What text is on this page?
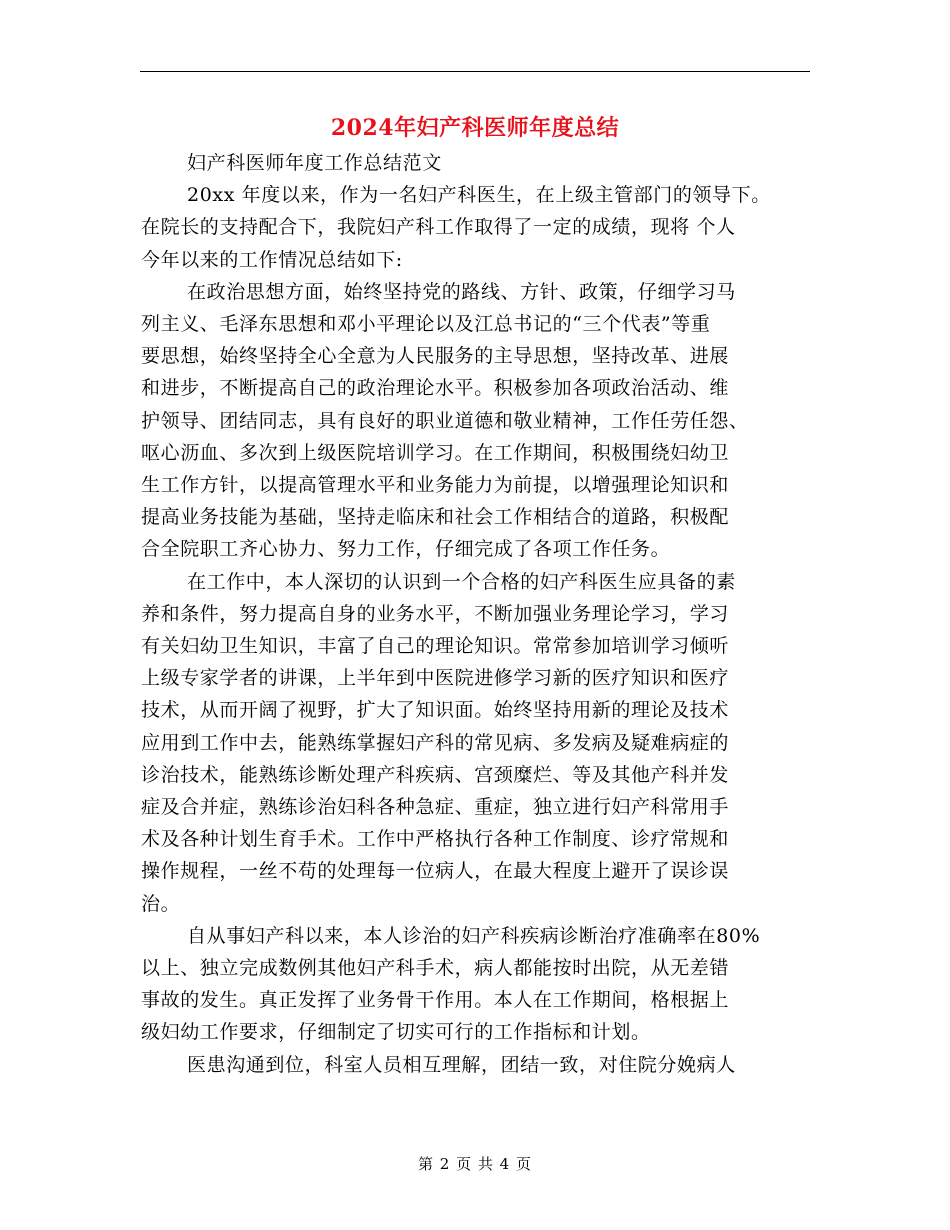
2024年妇产科医师年度总结
妇产科医师年度工作总结范文
20xx 年度以来，作为一名妇产科医生，在上级主管部门的领导下。
在院长的支持配合下，我院妇产科工作取得了一定的成绩，现将 个人
今年以来的工作情况总结如下:
在政治思想方面，始终坚持党的路线、方针、政策，仔细学习马
列主义、毛泽东思想和邓小平理论以及江总书记的“三个代表”等重
要思想，始终坚持全心全意为人民服务的主导思想，坚持改革、进展
和进步，不断提高自己的政治理论水平。积极参加各项政治活动、维
护领导、团结同志，具有良好的职业道德和敬业精神，工作任劳任怨、
呕心沥血、多次到上级医院培训学习。在工作期间，积极围绕妇幼卫
生工作方针，以提高管理水平和业务能力为前提，以增强理论知识和
提高业务技能为基础，坚持走临床和社会工作相结合的道路，积极配
合全院职工齐心协力、努力工作，仔细完成了各项工作任务。
在工作中，本人深切的认识到一个合格的妇产科医生应具备的素
养和条件，努力提高自身的业务水平，不断加强业务理论学习，学习
有关妇幼卫生知识，丰富了自己的理论知识。常常参加培训学习倾听
上级专家学者的讲课，上半年到中医院进修学习新的医疗知识和医疗
技术，从而开阔了视野，扩大了知识面。始终坚持用新的理论及技术
应用到工作中去，能熟练掌握妇产科的常见病、多发病及疑难病症的
诊治技术，能熟练诊断处理产科疾病、宫颈糜烂、等及其他产科并发
症及合并症，熟练诊治妇科各种急症、重症，独立进行妇产科常用手
术及各种计划生育手术。工作中严格执行各种工作制度、诊疗常规和
操作规程，一丝不苟的处理每一位病人，在最大程度上避开了误诊误
治。
自从事妇产科以来，本人诊治的妇产科疾病诊断治疗准确率在80%
以上、独立完成数例其他妇产科手术，病人都能按时出院，从无差错
事故的发生。真正发挥了业务骨干作用。本人在工作期间，格根据上
级妇幼工作要求，仔细制定了切实可行的工作指标和计划。
医患沟通到位，科室人员相互理解，团结一致，对住院分娩病人
第 2 页 共 4 页
